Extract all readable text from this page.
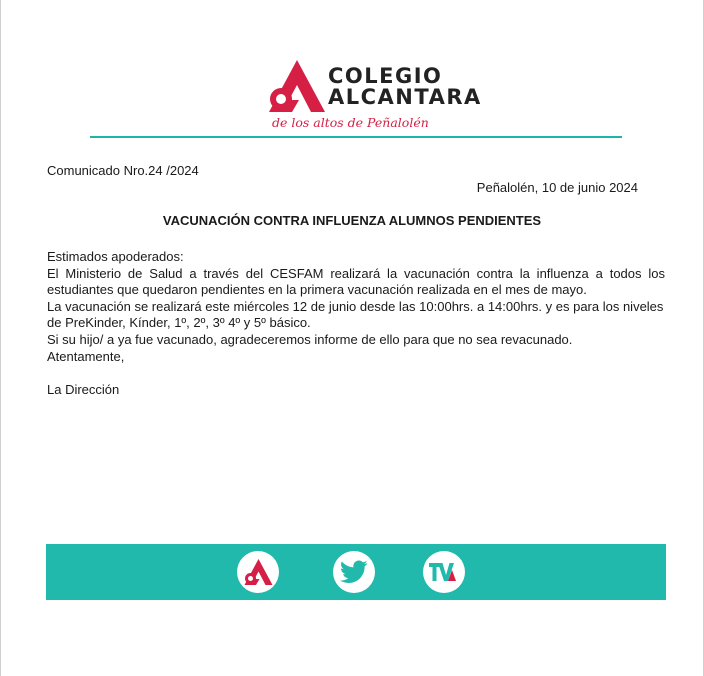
COLEGIO
ALCANTARA
de los altos de Peñalolén
Comunicado Nro.24 /2024
Peñalolén, 10 de junio 2024
VACUNACIÓN CONTRA INFLUENZA ALUMNOS PENDIENTES

Estimados apoderados:

El Ministerio de Salud a través del CESFAM realizará la vacunación contra la influenza a todos los estudiantes que quedaron pendientes en la primera vacunación realizada en el mes de mayo.

La vacunación se realizará este miércoles 12 de junio desde las 10:00hrs. a 14:00hrs. y es para los niveles de PreKinder, Kínder, 1º, 2º, 3º 4º y 5º básico.

Si su hijo/ a ya fue vacunado, agradeceremos informe de ello para que no sea revacunado.

Atentamente,

La Dirección
